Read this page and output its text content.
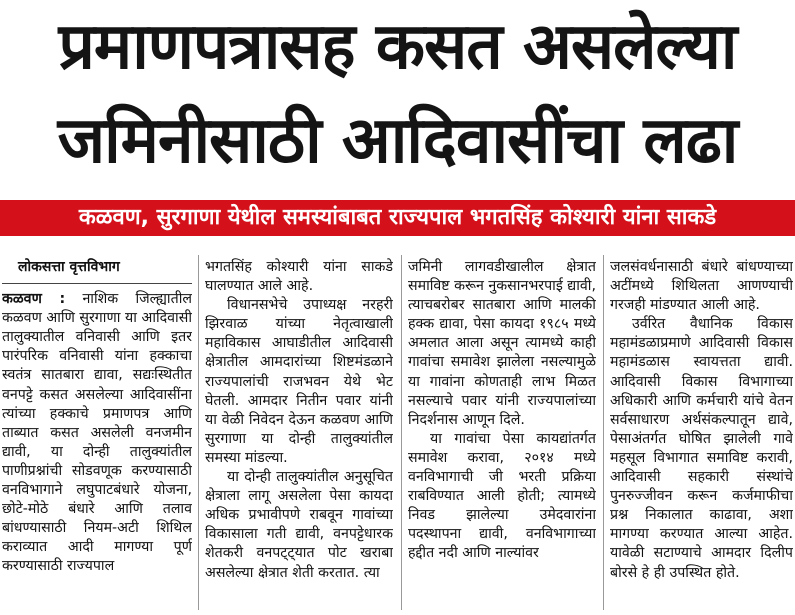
प्रमाणपत्रासह कसत असलेल्या
जमिनीसाठी आदिवासींचा लढा
कळवण, सुरगाणा येथील समस्यांबाबत राज्यपाल भगतसिंह कोश्यारी यांना साकडे
लोकसत्ता वृत्तविभाग

कळवण : नाशिक जिल्ह्यातील कळवण आणि सुरगाणा या आदिवासी तालुक्यातील वनिवासी आणि इतर पारंपरिक वनिवासी यांना हक्काचा स्वतंत्र सातबारा द्यावा, सद्यःस्थितीत वनपट्टे कसत असलेल्या आदिवासींना त्यांच्या हक्काचे प्रमाणपत्र आणि ताब्यात कसत असलेली वनजमीन द्यावी, या दोन्ही तालुक्यांतील पाणीप्रश्नांची सोडवणूक करण्यासाठी वनविभागाने लघुपाटबंधारे योजना, छोटे-मोठे बंधारे आणि तलाव बांधण्यासाठी नियम-अटी शिथिल कराव्यात आदी मागण्या पूर्ण करण्यासाठी राज्यपाल

भगतसिंह कोश्यारी यांना साकडे घालण्यात आले आहे.

विधानसभेचे उपाध्यक्ष नरहरी झिरवाळ यांच्या नेतृत्वाखाली महाविकास आघाडीतील आदिवासी क्षेत्रातील आमदारांच्या शिष्टमंडळाने राज्यपालांची राजभवन येथे भेट घेतली. आमदार नितीन पवार यांनी या वेळी निवेदन देऊन कळवण आणि सुरगाणा या दोन्ही तालुक्यांतील समस्या मांडल्या.

या दोन्ही तालुक्यांतील अनुसूचित क्षेत्राला लागू असलेला पेसा कायदा अधिक प्रभावीपणे राबवून गावांच्या विकासाला गती द्यावी, वनपट्टेधारक शेतकरी वनपट्ट्यात पोट खराबा असलेल्या क्षेत्रात शेती करतात. त्या

जमिनी लागवडीखालील क्षेत्रात समाविष्ट करून नुकसानभरपाई द्यावी, त्याचबरोबर सातबारा आणि मालकी हक्क द्यावा, पेसा कायदा १९८५ मध्ये अमलात आला असून त्यामध्ये काही गावांचा समावेश झालेला नसल्यामुळे या गावांना कोणताही लाभ मिळत नसल्याचे पवार यांनी राज्यपालांच्या निदर्शनास आणून दिले.

या गावांचा पेसा कायद्यांतर्गत समावेश करावा, २०१४ मध्ये वनविभागाची जी भरती प्रक्रिया राबविण्यात आली होती; त्यामध्ये निवड झालेल्या उमेदवारांना पदस्थापना द्यावी, वनविभागाच्या हद्दीत नदी आणि नाल्यांवर

जलसंवर्धनासाठी बंधारे बांधण्याच्या अटींमध्ये शिथिलता आणण्याची गरजही मांडण्यात आली आहे.

उर्वरित वैधानिक विकास महामंडळाप्रमाणे आदिवासी विकास महामंडळास स्वायत्तता द्यावी. आदिवासी विकास विभागाच्या अधिकारी आणि कर्मचारी यांचे वेतन सर्वसाधारण अर्थसंकल्पातून द्यावे, पेसाअंतर्गत घोषित झालेली गावे महसूल विभागात समाविष्ट करावी, आदिवासी सहकारी संस्थांचे पुनरुज्जीवन करून कर्जमाफीचा प्रश्न निकालात काढावा, अशा मागण्या करण्यात आल्या आहेत. यावेळी सटाण्याचे आमदार दिलीप बोरसे हे ही उपस्थित होते.
